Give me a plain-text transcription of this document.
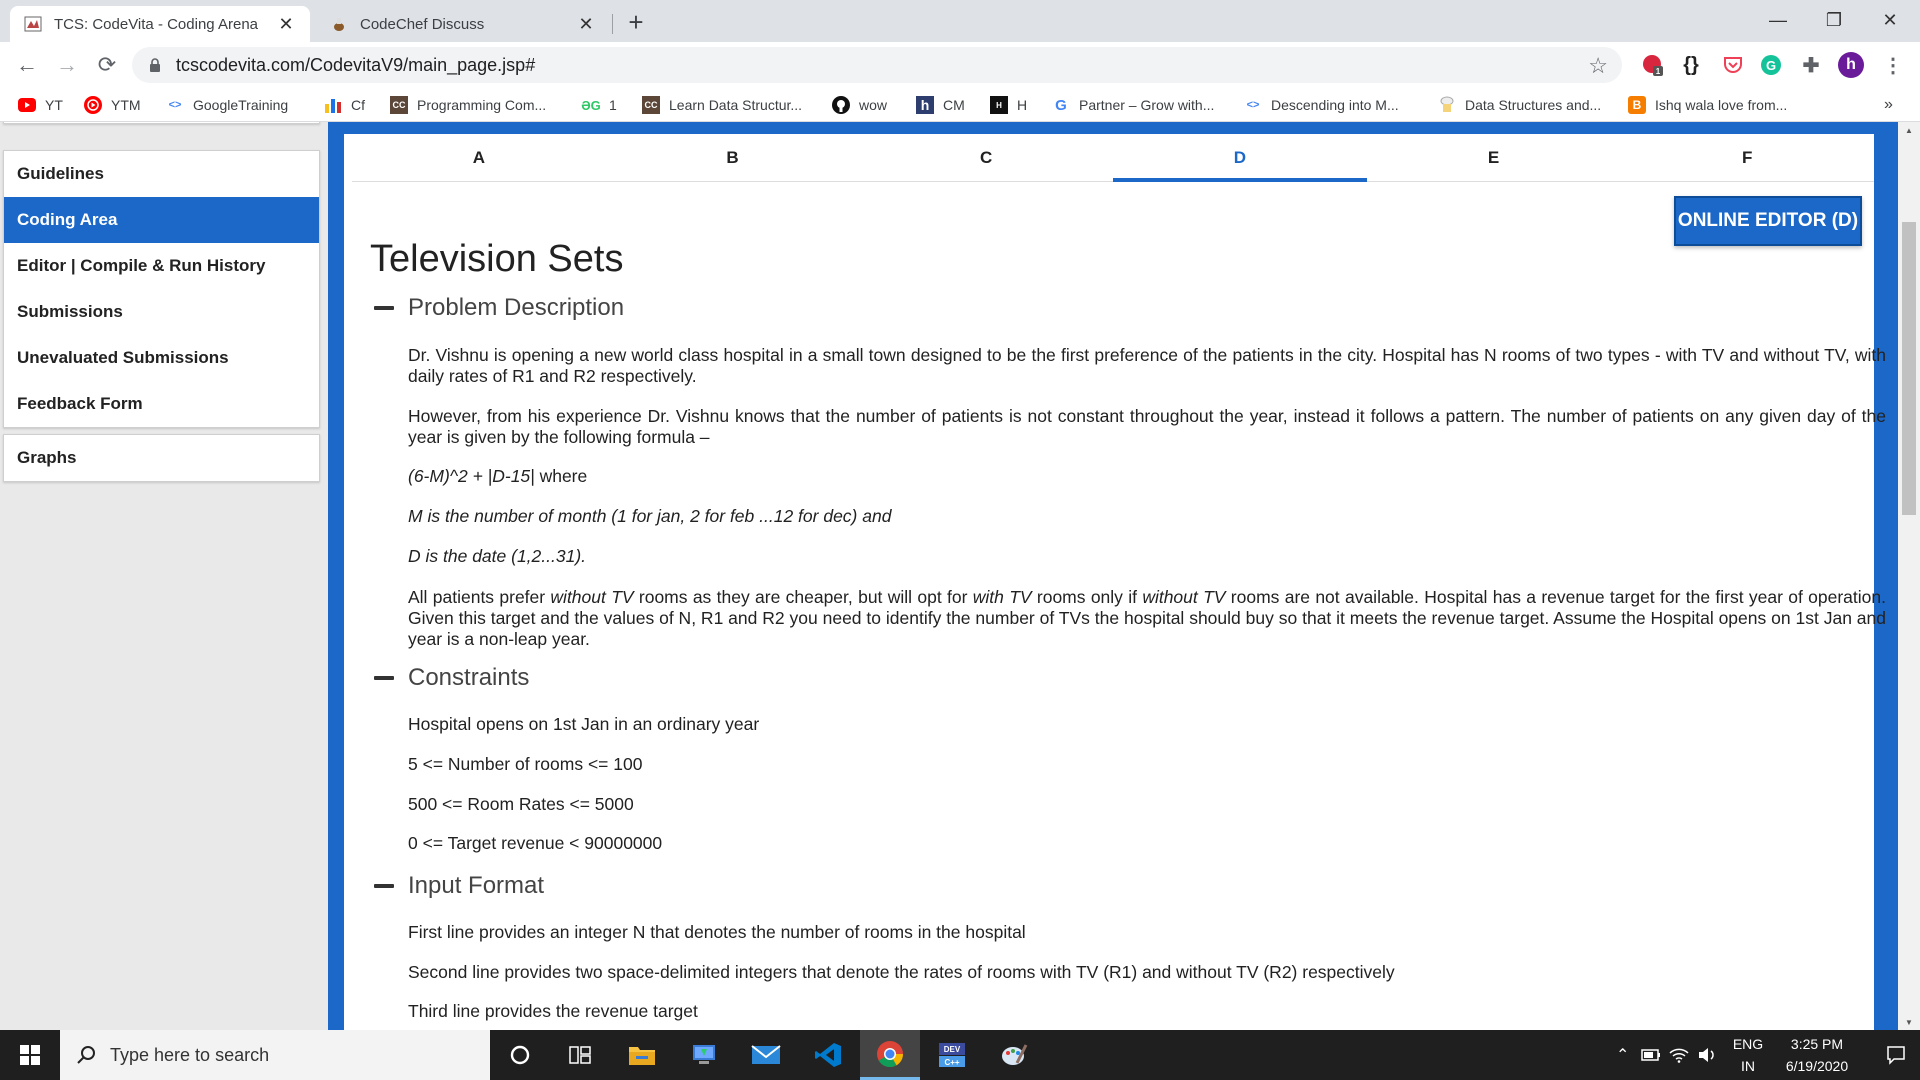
TCS: CodeVita - Coding Arena	✕	CodeChef Discuss	✕ +	—	❐	✕
← → ⟳	tcscodevita.com/CodevitaV9/main_page.jsp#	☆	1 {}	G ✚	h	⋮
YT	YTM	<> GoogleTraining	Cf	CC Programming Com...	ƏG 1	CC Learn Data Structur...	wow	h CM	H	H G Partner – Grow with...	<> Descending into M...	Data Structures and...	B Ishq wala love from...	»
Guidelines
Coding Area
Editor | Compile & Run History
Submissions
Unevaluated Submissions
Feedback Form
Graphs
A	B	C	D	E	F
ONLINE EDITOR (D)
Television Sets
Problem Description
Dr. Vishnu is opening a new world class hospital in a small town designed to be the first preference of the patients in the city. Hospital has N rooms of two types - with TV and without TV, with daily rates of R1 and R2 respectively.
However, from his experience Dr. Vishnu knows that the number of patients is not constant throughout the year, instead it follows a pattern. The number of patients on any given day of the year is given by the following formula –
(6-M)^2 + |D-15| where
M is the number of month (1 for jan, 2 for feb ...12 for dec) and
D is the date (1,2...31).
All patients prefer without TV rooms as they are cheaper, but will opt for with TV rooms only if without TV rooms are not available. Hospital has a revenue target for the first year of operation. Given this target and the values of N, R1 and R2 you need to identify the number of TVs the hospital should buy so that it meets the revenue target. Assume the Hospital opens on 1st Jan and year is a non-leap year.
Constraints
Hospital opens on 1st Jan in an ordinary year
5 <= Number of rooms <= 100
500 <= Room Rates <= 5000
0 <= Target revenue < 90000000
Input Format
First line provides an integer N that denotes the number of rooms in the hospital
Second line provides two space-delimited integers that denote the rates of rooms with TV (R1) and without TV (R2) respectively
Third line provides the revenue target
▲
▼
Type here to search	DEV
C++	⌃
ENG
IN
3:25 PM
6/19/2020
